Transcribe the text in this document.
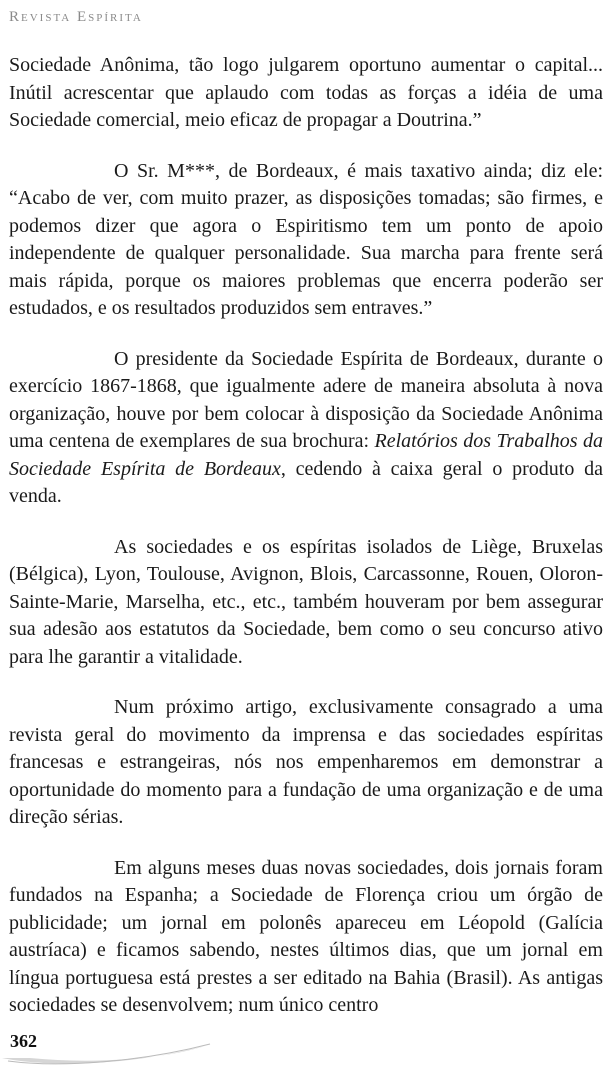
Revista Espírita

Sociedade Anônima, tão logo julgarem oportuno aumentar o capital... Inútil acrescentar que aplaudo com todas as forças a idéia de uma Sociedade comercial, meio eficaz de propagar a Doutrina.”

O Sr. M***, de Bordeaux, é mais taxativo ainda; diz ele: “Acabo de ver, com muito prazer, as disposições tomadas; são firmes, e podemos dizer que agora o Espiritismo tem um ponto de apoio independente de qualquer personalidade. Sua marcha para frente será mais rápida, porque os maiores problemas que encerra poderão ser estudados, e os resultados produzidos sem entraves.”

O presidente da Sociedade Espírita de Bordeaux, durante o exercício 1867-1868, que igualmente adere de maneira absoluta à nova organização, houve por bem colocar à disposição da Sociedade Anônima uma centena de exemplares de sua brochura: Relatórios dos Trabalhos da Sociedade Espírita de Bordeaux, cedendo à caixa geral o produto da venda.

As sociedades e os espíritas isolados de Liège, Bruxelas (Bélgica), Lyon, Toulouse, Avignon, Blois, Carcassonne, Rouen, Oloron-Sainte-Marie, Marselha, etc., etc., também houveram por bem assegurar sua adesão aos estatutos da Sociedade, bem como o seu concurso ativo para lhe garantir a vitalidade.

Num próximo artigo, exclusivamente consagrado a uma revista geral do movimento da imprensa e das sociedades espíritas francesas e estrangeiras, nós nos empenharemos em demonstrar a oportunidade do momento para a fundação de uma organização e de uma direção sérias.

Em alguns meses duas novas sociedades, dois jornais foram fundados na Espanha; a Sociedade de Florença criou um órgão de publicidade; um jornal em polonês apareceu em Léopold (Galícia austríaca) e ficamos sabendo, nestes últimos dias, que um jornal em língua portuguesa está prestes a ser editado na Bahia (Brasil). As antigas sociedades se desenvolvem; num único centro

362
